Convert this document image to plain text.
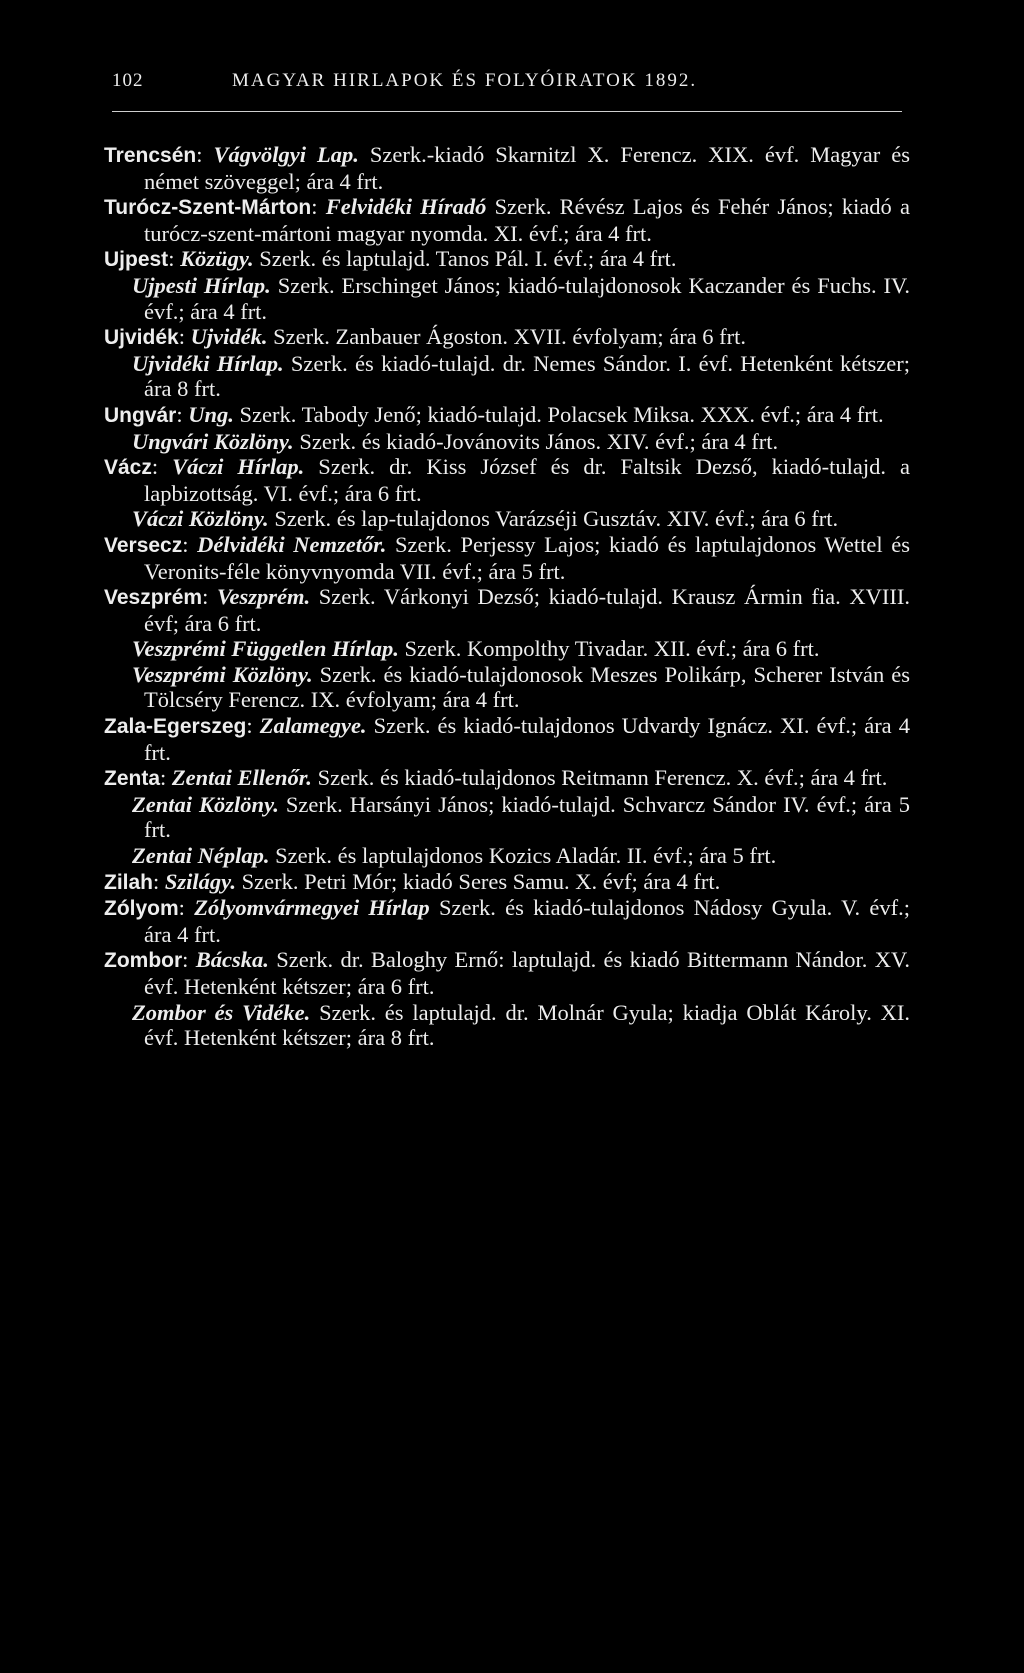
102	MAGYAR HIRLAPOK ÉS FOLYÓIRATOK 1892.
Trencsén: Vágvölgyi Lap. Szerk.-kiadó Skarnitzl X. Ferencz. XIX. évf. Magyar és német szöveggel; ára 4 frt.
Turócz-Szent-Márton: Felvidéki Híradó Szerk. Révész Lajos és Fehér János; kiadó a turócz-szent-mártoni magyar nyomda. XI. évf.; ára 4 frt.
Ujpest: Közügy. Szerk. és laptulajd. Tanos Pál. I. évf.; ára 4 frt.
Ujpesti Hírlap. Szerk. Erschinget János; kiadó-tulajdonosok Kaczander és Fuchs. IV. évf.; ára 4 frt.
Ujvidék: Ujvidék. Szerk. Zanbauer Ágoston. XVII. évfolyam; ára 6 frt.
Ujvidéki Hírlap. Szerk. és kiadó-tulajd. dr. Nemes Sándor. I. évf. Hetenként kétszer; ára 8 frt.
Ungvár: Ung. Szerk. Tabody Jenő; kiadó-tulajd. Polacsek Miksa. XXX. évf.; ára 4 frt.
Ungvári Közlöny. Szerk. és kiadó-Jovánovits János. XIV. évf.; ára 4 frt.
Vácz: Váczi Hírlap. Szerk. dr. Kiss József és dr. Faltsik Dezső, kiadó-tulajd. a lapbizottság. VI. évf.; ára 6 frt.
Váczi Közlöny. Szerk. és lap-tulajdonos Varázséji Gusztáv. XIV. évf.; ára 6 frt.
Versecz: Délvidéki Nemzetőr. Szerk. Perjessy Lajos; kiadó és laptulajdonos Wettel és Veronits-féle könyvnyomda VII. évf.; ára 5 frt.
Veszprém: Veszprém. Szerk. Várkonyi Dezső; kiadó-tulajd. Krausz Ármin fia. XVIII. évf; ára 6 frt.
Veszprémi Független Hírlap. Szerk. Kompolthy Tivadar. XII. évf.; ára 6 frt.
Veszprémi Közlöny. Szerk. és kiadó-tulajdonosok Meszes Polikárp, Scherer István és Tölcséry Ferencz. IX. évfolyam; ára 4 frt.
Zala-Egerszeg: Zalamegye. Szerk. és kiadó-tulajdonos Udvardy Ignácz. XI. évf.; ára 4 frt.
Zenta: Zentai Ellenőr. Szerk. és kiadó-tulajdonos Reitmann Ferencz. X. évf.; ára 4 frt.
Zentai Közlöny. Szerk. Harsányi János; kiadó-tulajd. Schvarcz Sándor IV. évf.; ára 5 frt.
Zentai Néplap. Szerk. és laptulajdonos Kozics Aladár. II. évf.; ára 5 frt.
Zilah: Szilágy. Szerk. Petri Mór; kiadó Seres Samu. X. évf; ára 4 frt.
Zólyom: Zólyomvármegyei Hírlap Szerk. és kiadó-tulajdonos Nádosy Gyula. V. évf.; ára 4 frt.
Zombor: Bácska. Szerk. dr. Baloghy Ernő: laptulajd. és kiadó Bittermann Nándor. XV. évf. Hetenként kétszer; ára 6 frt.
Zombor és Vidéke. Szerk. és laptulajd. dr. Molnár Gyula; kiadja Oblát Károly. XI. évf. Hetenként kétszer; ára 8 frt.
